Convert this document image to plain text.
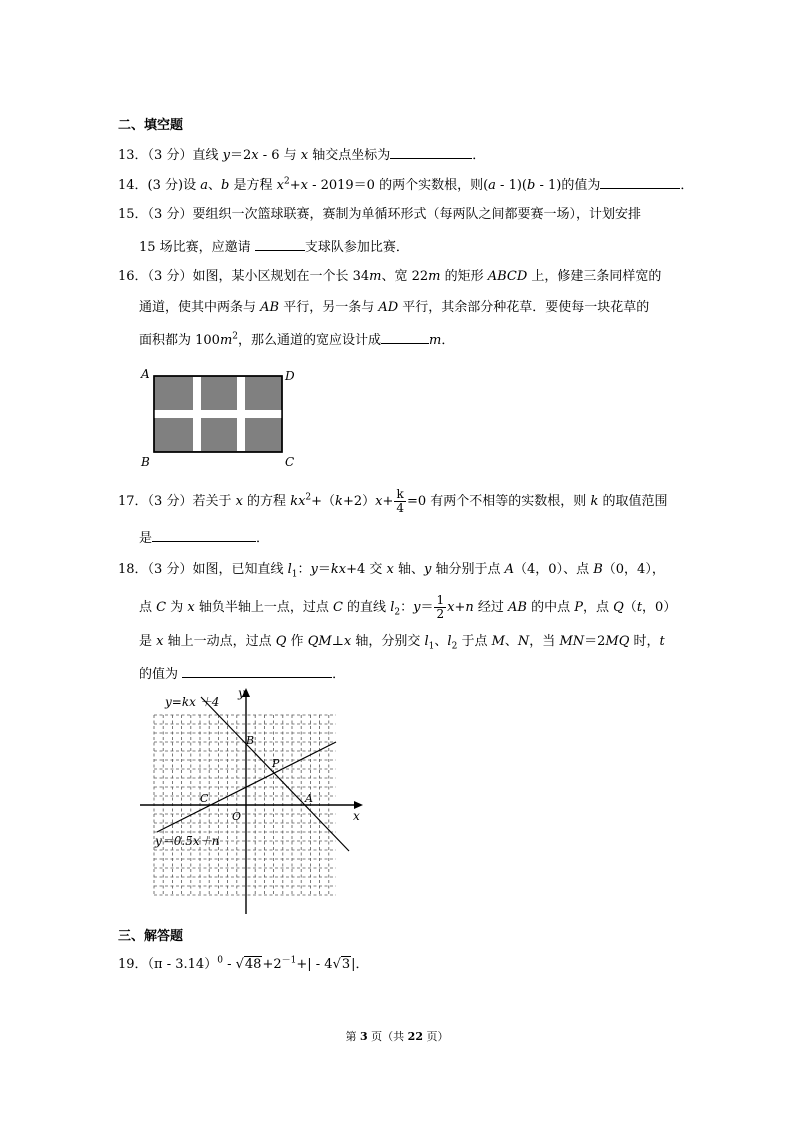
二、填空题
13．（3 分）直线 y＝2x - 6 与 x 轴交点坐标为	．
14．(3 分)设 a、b 是方程 $x^2+x - 2019=0$ 的两个实数根，则(a - 1)(b - 1)的值为	．
15．（3 分）要组织一次篮球联赛，赛制为单循环形式（每两队之间都要赛一场），计划安排
15 场比赛，应邀请	支球队参加比赛．
16．（3 分）如图，某小区规划在一个长 34m、宽 22m 的矩形 ABCD 上，修建三条同样宽的
通道，使其中两条与 AB 平行，另一条与 AD 平行，其余部分种花草．要使每一块花草的
面积都为 $100m^2$，那么通道的宽应设计成	m．
A	D
B	C
17．（3 分）若关于 x 的方程 $kx^2+(k+2)x+ \frac{k}{4} =0$ 有两个不相等的实数根，则 k 的取值范围
是	．
18．（3 分）如图，已知直线 $l_1$：y＝kx+4 交 x 轴、y 轴分别于点 A（4，0）、点 B（0，4），
点 C 为 x 轴负半轴上一点，过点 C 的直线 $l_2$：$y= \frac{1}{2} x+n$ 经过 AB 的中点 P，点 Q（t，0）
是 x 轴上一动点，过点 Q 作 QM⊥x 轴，分别交 $l_1$、$l_2$ 于点 M、N，当 MN＝2MQ 时，t
的值为	．
y=kx ＋4
y
x
B
P
C
O
A
y＝0.5x＋n
三、解答题
19．$(\pi - 3.14)^0 - √48+2^{-1}+| - 4√3|$．
第 3 页（共 22 页）
